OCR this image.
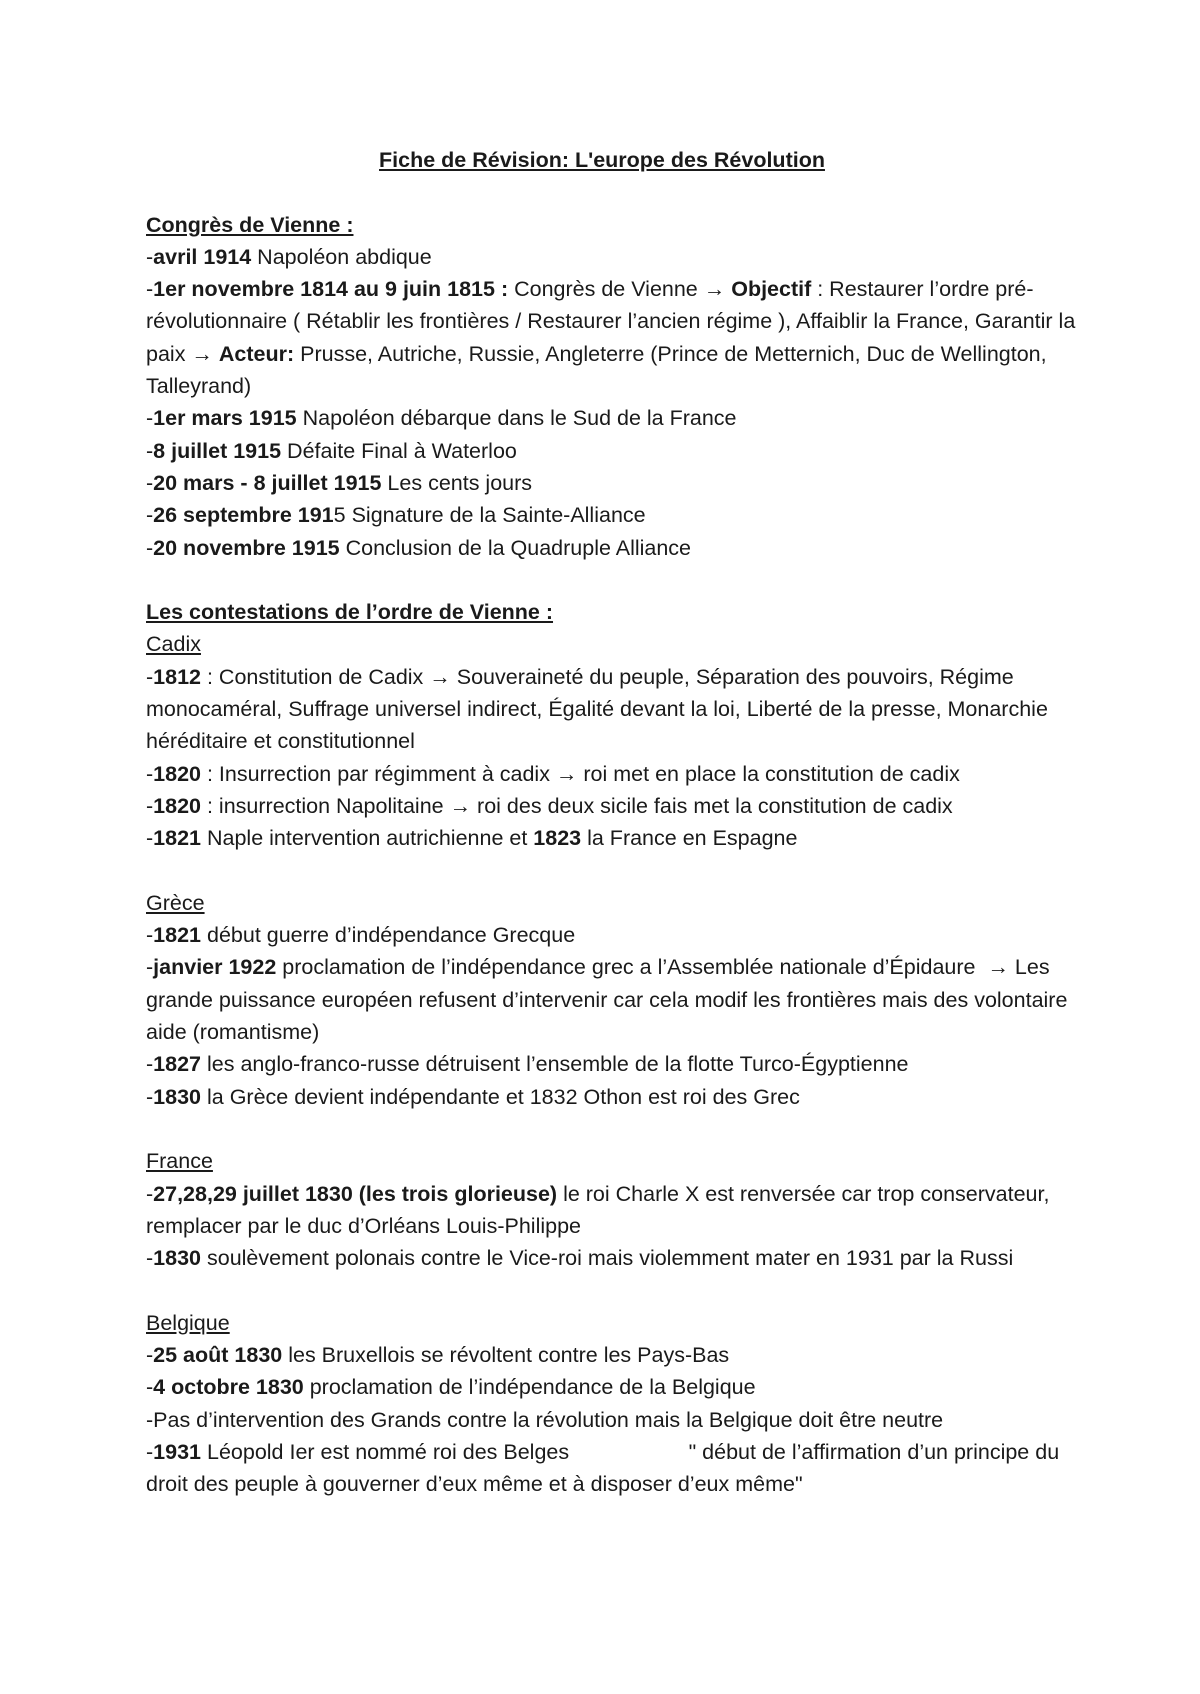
Fiche de Révision: L'europe des Révolution
Congrès de Vienne :
-avril 1914 Napoléon abdique
-1er novembre 1814 au 9 juin 1815 : Congrès de Vienne → Objectif : Restaurer l’ordre pré-révolutionnaire ( Rétablir les frontières / Restaurer l’ancien régime ), Affaiblir la France, Garantir la paix → Acteur: Prusse, Autriche, Russie, Angleterre (Prince de Metternich, Duc de Wellington, Talleyrand)
-1er mars 1915 Napoléon débarque dans le Sud de la France
-8 juillet 1915 Défaite Final à Waterloo
-20 mars - 8 juillet 1915 Les cents jours
-26 septembre 1915 Signature de la Sainte-Alliance
-20 novembre 1915 Conclusion de la Quadruple Alliance
Les contestations de l’ordre de Vienne :
Cadix
-1812 : Constitution de Cadix → Souveraineté du peuple, Séparation des pouvoirs, Régime monocaméral, Suffrage universel indirect, Égalité devant la loi, Liberté de la presse, Monarchie héréditaire et constitutionnel
-1820 : Insurrection par régimment à cadix → roi met en place la constitution de cadix
-1820 : insurrection Napolitaine → roi des deux sicile fais met la constitution de cadix
-1821 Naple intervention autrichienne et 1823 la France en Espagne
Grèce
-1821 début guerre d’indépendance Grecque
-janvier 1922 proclamation de l’indépendance grec a l’Assemblée nationale d’Épidaure  → Les grande puissance européen refusent d’intervenir car cela modif les frontières mais des volontaire aide (romantisme)
-1827 les anglo-franco-russe détruisent l’ensemble de la flotte Turco-Égyptienne
-1830 la Grèce devient indépendante et 1832 Othon est roi des Grec
France
-27,28,29 juillet 1830 (les trois glorieuse) le roi Charle X est renversée car trop conservateur, remplacer par le duc d’Orléans Louis-Philippe
-1830 soulèvement polonais contre le Vice-roi mais violemment mater en 1931 par la Russi
Belgique
-25 août 1830 les Bruxellois se révoltent contre les Pays-Bas
-4 octobre 1830 proclamation de l’indépendance de la Belgique
-Pas d’intervention des Grands contre la révolution mais la Belgique doit être neutre
-1931 Léopold Ier est nommé roi des Belges                    " début de l’affirmation d’un principe du droit des peuple à gouverner d’eux même et à disposer d’eux même"
